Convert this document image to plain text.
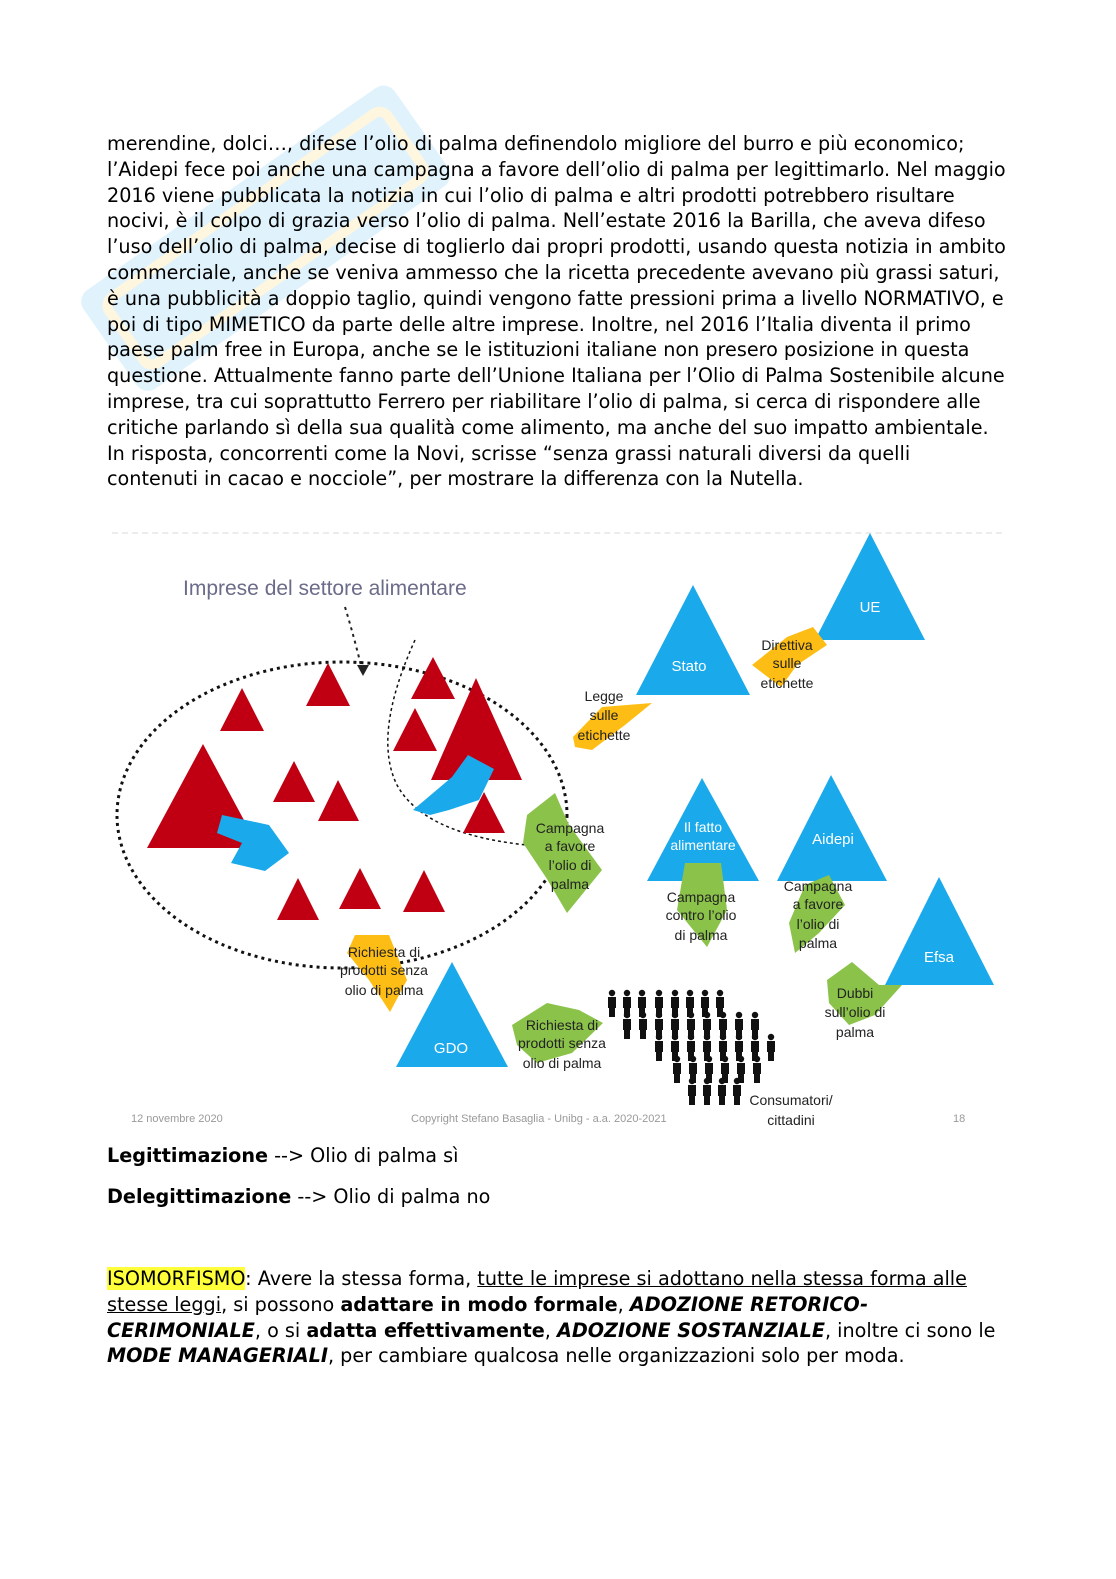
merendine, dolci…, difese l’olio di palma definendolo migliore del burro e più economico; l’Aidepi fece poi anche una campagna a favore dell’olio di palma per legittimarlo. Nel maggio 2016 viene pubblicata la notizia in cui l’olio di palma e altri prodotti potrebbero risultare nocivi, è il colpo di grazia verso l’olio di palma. Nell’estate 2016 la Barilla, che aveva difeso l’uso dell’olio di palma, decise di toglierlo dai propri prodotti, usando questa notizia in ambito commerciale, anche se veniva ammesso che la ricetta precedente avevano più grassi saturi, è una pubblicità a doppio taglio, quindi vengono fatte pressioni prima a livello NORMATIVO, e poi di tipo MIMETICO da parte delle altre imprese. Inoltre, nel 2016 l’Italia diventa il primo paese palm free in Europa, anche se le istituzioni italiane non presero posizione in questa questione. Attualmente fanno parte dell’Unione Italiana per l’Olio di Palma Sostenibile alcune imprese, tra cui soprattutto Ferrero per riabilitare l’olio di palma, si cerca di rispondere alle critiche parlando sì della sua qualità come alimento, ma anche del suo impatto ambientale. In risposta, concorrenti come la Novi, scrisse “senza grassi naturali diversi da quelli contenuti in cacao e nocciole”, per mostrare la differenza con la Nutella.

Imprese del settore alimentare
UE
Stato
Il fatto
alimentare	Aidepi
Efsa
GDO
Direttiva
sulle
etichette
Legge
sulle
etichette
Campagna
a favore
l’olio di
palma
Campagna
contro l’olio
di palma
Campagna
a favore
l’olio di
palma
Dubbi
sull’olio di
palma
Richiesta di
prodotti senza
olio di palma
Richiesta di
prodotti senza
olio di palma
Consumatori/
cittadini
12 novembre 2020	Copyright Stefano Basaglia - Unibg - a.a. 2020-2021	18
Legittimazione --> Olio di palma sì
Delegittimazione --> Olio di palma no

ISOMORFISMO: Avere la stessa forma, tutte le imprese si adottano nella stessa forma alle stesse leggi, si possono adattare in modo formale, ADOZIONE RETORICO-CERIMONIALE, o si adatta effettivamente, ADOZIONE SOSTANZIALE, inoltre ci sono le MODE MANAGERIALI, per cambiare qualcosa nelle organizzazioni solo per moda.
